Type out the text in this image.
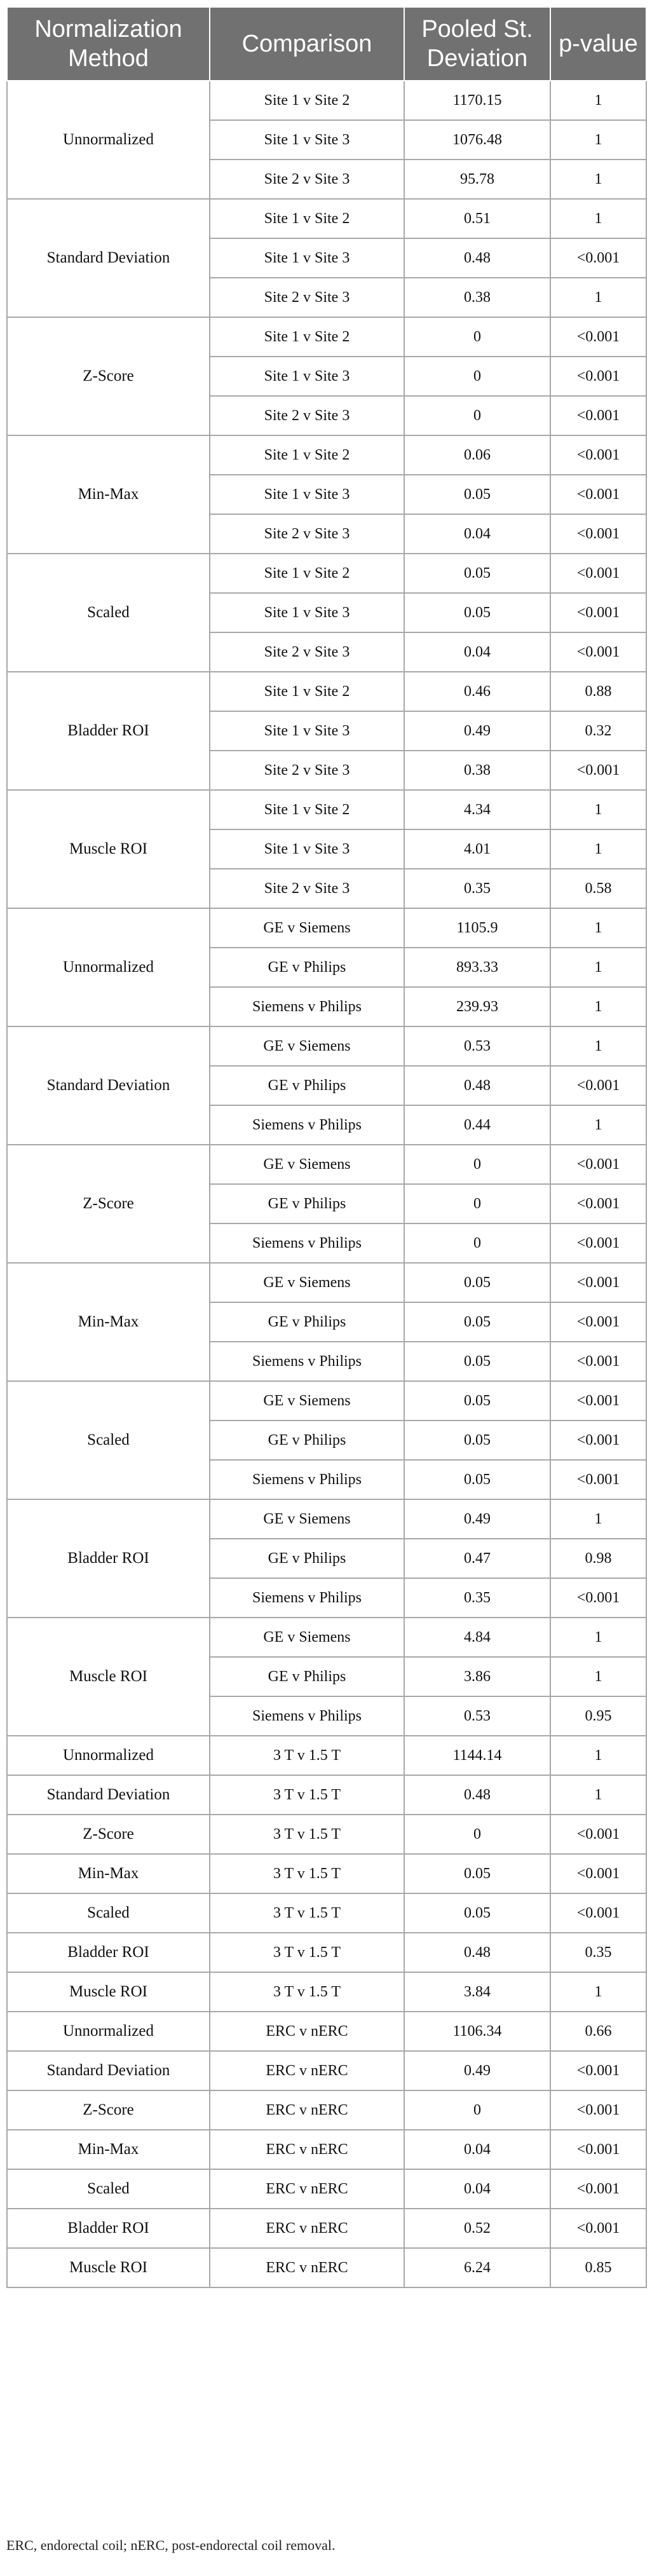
Normalization Method	Comparison	Pooled St. Deviation	p-value
Unnormalized	Site 1 v Site 2	1170.15	1
	Site 1 v Site 3	1076.48	1
	Site 2 v Site 3	95.78	1
Standard Deviation	Site 1 v Site 2	0.51	1
	Site 1 v Site 3	0.48	<0.001
	Site 2 v Site 3	0.38	1
Z-Score	Site 1 v Site 2	0	<0.001
	Site 1 v Site 3	0	<0.001
	Site 2 v Site 3	0	<0.001
Min-Max	Site 1 v Site 2	0.06	<0.001
	Site 1 v Site 3	0.05	<0.001
	Site 2 v Site 3	0.04	<0.001
Scaled	Site 1 v Site 2	0.05	<0.001
	Site 1 v Site 3	0.05	<0.001
	Site 2 v Site 3	0.04	<0.001
Bladder ROI	Site 1 v Site 2	0.46	0.88
	Site 1 v Site 3	0.49	0.32
	Site 2 v Site 3	0.38	<0.001
Muscle ROI	Site 1 v Site 2	4.34	1
	Site 1 v Site 3	4.01	1
	Site 2 v Site 3	0.35	0.58
Unnormalized	GE v Siemens	1105.9	1
	GE v Philips	893.33	1
	Siemens v Philips	239.93	1
Standard Deviation	GE v Siemens	0.53	1
	GE v Philips	0.48	<0.001
	Siemens v Philips	0.44	1
Z-Score	GE v Siemens	0	<0.001
	GE v Philips	0	<0.001
	Siemens v Philips	0	<0.001
Min-Max	GE v Siemens	0.05	<0.001
	GE v Philips	0.05	<0.001
	Siemens v Philips	0.05	<0.001
Scaled	GE v Siemens	0.05	<0.001
	GE v Philips	0.05	<0.001
	Siemens v Philips	0.05	<0.001
Bladder ROI	GE v Siemens	0.49	1
	GE v Philips	0.47	0.98
	Siemens v Philips	0.35	<0.001
Muscle ROI	GE v Siemens	4.84	1
	GE v Philips	3.86	1
	Siemens v Philips	0.53	0.95
Unnormalized	3 T v 1.5 T	1144.14	1
Standard Deviation	3 T v 1.5 T	0.48	1
Z-Score	3 T v 1.5 T	0	<0.001
Min-Max	3 T v 1.5 T	0.05	<0.001
Scaled	3 T v 1.5 T	0.05	<0.001
Bladder ROI	3 T v 1.5 T	0.48	0.35
Muscle ROI	3 T v 1.5 T	3.84	1
Unnormalized	ERC v nERC	1106.34	0.66
Standard Deviation	ERC v nERC	0.49	<0.001
Z-Score	ERC v nERC	0	<0.001
Min-Max	ERC v nERC	0.04	<0.001
Scaled	ERC v nERC	0.04	<0.001
Bladder ROI	ERC v nERC	0.52	<0.001
Muscle ROI	ERC v nERC	6.24	0.85
ERC, endorectal coil; nERC, post-endorectal coil removal.
